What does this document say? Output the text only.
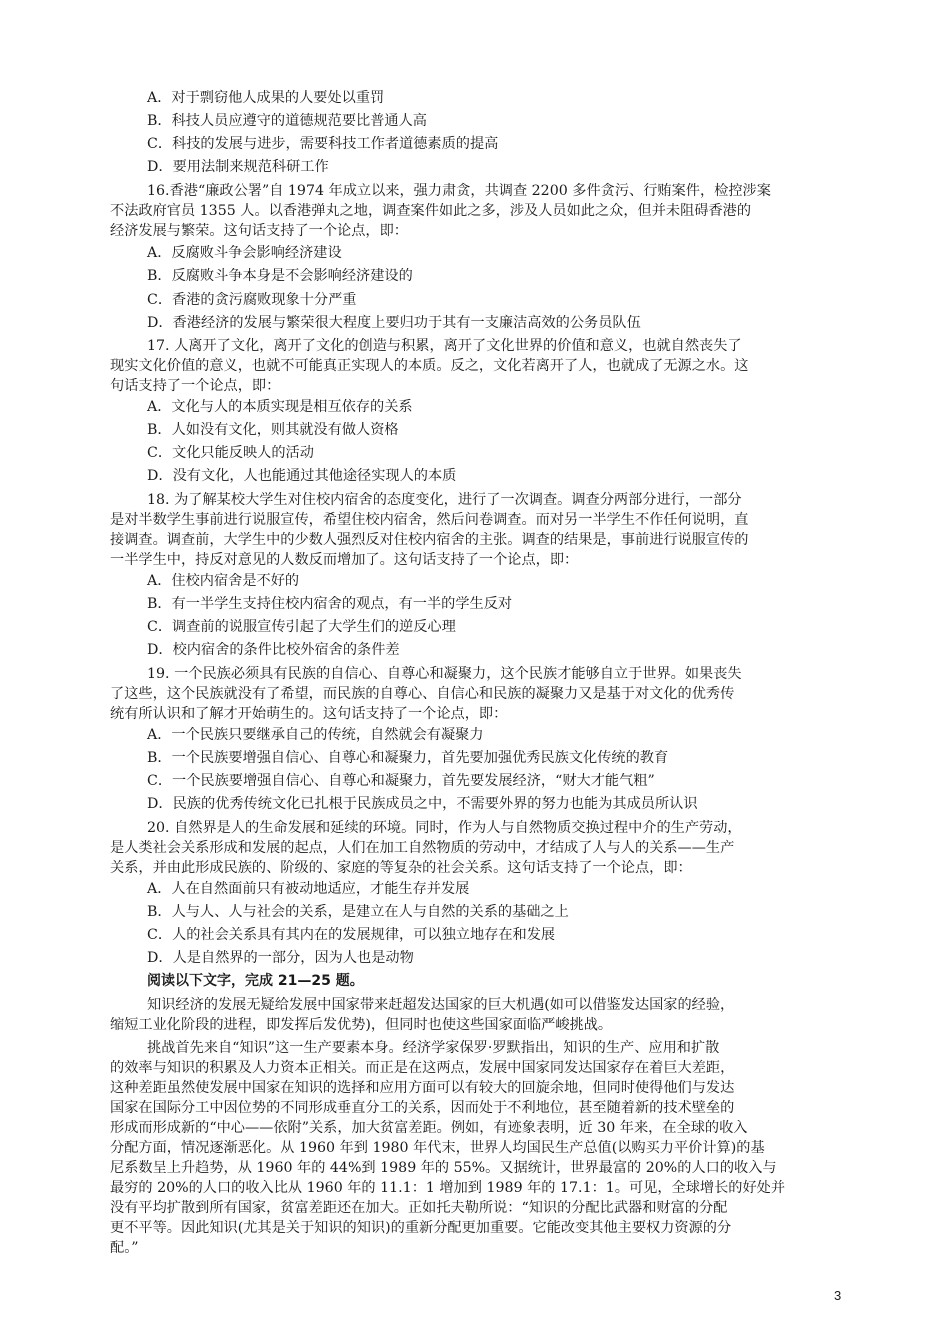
A．对于剽窃他人成果的人要处以重罚
B．科技人员应遵守的道德规范要比普通人高
C．科技的发展与进步，需要科技工作者道德素质的提高
D．要用法制来规范科研工作
16.香港“廉政公署”自 1974 年成立以来，强力肃贪，共调查 2200 多件贪污、行贿案件，检控涉案
不法政府官员 1355 人。以香港弹丸之地，调查案件如此之多，涉及人员如此之众，但并未阻碍香港的
经济发展与繁荣。这句话支持了一个论点，即：
A．反腐败斗争会影响经济建设
B．反腐败斗争本身是不会影响经济建设的
C．香港的贪污腐败现象十分严重
D．香港经济的发展与繁荣很大程度上要归功于其有一支廉洁高效的公务员队伍
17. 人离开了文化，离开了文化的创造与积累，离开了文化世界的价值和意义，也就自然丧失了
现实文化价值的意义，也就不可能真正实现人的本质。反之，文化若离开了人，也就成了无源之水。这
句话支持了一个论点，即：
A．文化与人的本质实现是相互依存的关系
B．人如没有文化，则其就没有做人资格
C．文化只能反映人的活动
D．没有文化，人也能通过其他途径实现人的本质
18. 为了解某校大学生对住校内宿舍的态度变化，进行了一次调查。调查分两部分进行，一部分
是对半数学生事前进行说服宣传，希望住校内宿舍，然后问卷调查。而对另一半学生不作任何说明，直
接调查。调查前，大学生中的少数人强烈反对住校内宿舍的主张。调查的结果是，事前进行说服宣传的
一半学生中，持反对意见的人数反而增加了。这句话支持了一个论点，即：
A．住校内宿舍是不好的
B．有一半学生支持住校内宿舍的观点，有一半的学生反对
C．调查前的说服宣传引起了大学生们的逆反心理
D．校内宿舍的条件比校外宿舍的条件差
19. 一个民族必须具有民族的自信心、自尊心和凝聚力，这个民族才能够自立于世界。如果丧失
了这些，这个民族就没有了希望，而民族的自尊心、自信心和民族的凝聚力又是基于对文化的优秀传
统有所认识和了解才开始萌生的。这句话支持了一个论点，即：
A．一个民族只要继承自己的传统，自然就会有凝聚力
B．一个民族要增强自信心、自尊心和凝聚力，首先要加强优秀民族文化传统的教育
C．一个民族要增强自信心、自尊心和凝聚力，首先要发展经济，“财大才能气粗”
D．民族的优秀传统文化已扎根于民族成员之中，不需要外界的努力也能为其成员所认识
20. 自然界是人的生命发展和延续的环境。同时，作为人与自然物质交换过程中介的生产劳动，
是人类社会关系形成和发展的起点，人们在加工自然物质的劳动中，才结成了人与人的关系——生产
关系，并由此形成民族的、阶级的、家庭的等复杂的社会关系。这句话支持了一个论点，即：
A．人在自然面前只有被动地适应，才能生存并发展
B．人与人、人与社会的关系，是建立在人与自然的关系的基础之上
C．人的社会关系具有其内在的发展规律，可以独立地存在和发展
D．人是自然界的一部分，因为人也是动物
阅读以下文字，完成 21—25 题。
知识经济的发展无疑给发展中国家带来赶超发达国家的巨大机遇(如可以借鉴发达国家的经验，
缩短工业化阶段的进程，即发挥后发优势)，但同时也使这些国家面临严峻挑战。
挑战首先来自“知识”这一生产要素本身。经济学家保罗·罗默指出，知识的生产、应用和扩散
的效率与知识的积累及人力资本正相关。而正是在这两点，发展中国家同发达国家存在着巨大差距，
这种差距虽然使发展中国家在知识的选择和应用方面可以有较大的回旋余地，但同时使得他们与发达
国家在国际分工中因位势的不同形成垂直分工的关系，因而处于不利地位，甚至随着新的技术壁垒的
形成而形成新的“中心——依附”关系，加大贫富差距。例如，有迹象表明，近 30 年来，在全球的收入
分配方面，情况逐渐恶化。从 1960 年到 1980 年代末，世界人均国民生产总值(以购买力平价计算)的基
尼系数呈上升趋势，从 1960 年的 44%到 1989 年的 55%。又据统计，世界最富的 20%的人口的收入与
最穷的 20%的人口的收入比从 1960 年的 11.1：1 增加到 1989 年的 17.1：1。可见，全球增长的好处并
没有平均扩散到所有国家，贫富差距还在加大。正如托夫勒所说：“知识的分配比武器和财富的分配
更不平等。因此知识(尤其是关于知识的知识)的重新分配更加重要。它能改变其他主要权力资源的分
配。”
3
